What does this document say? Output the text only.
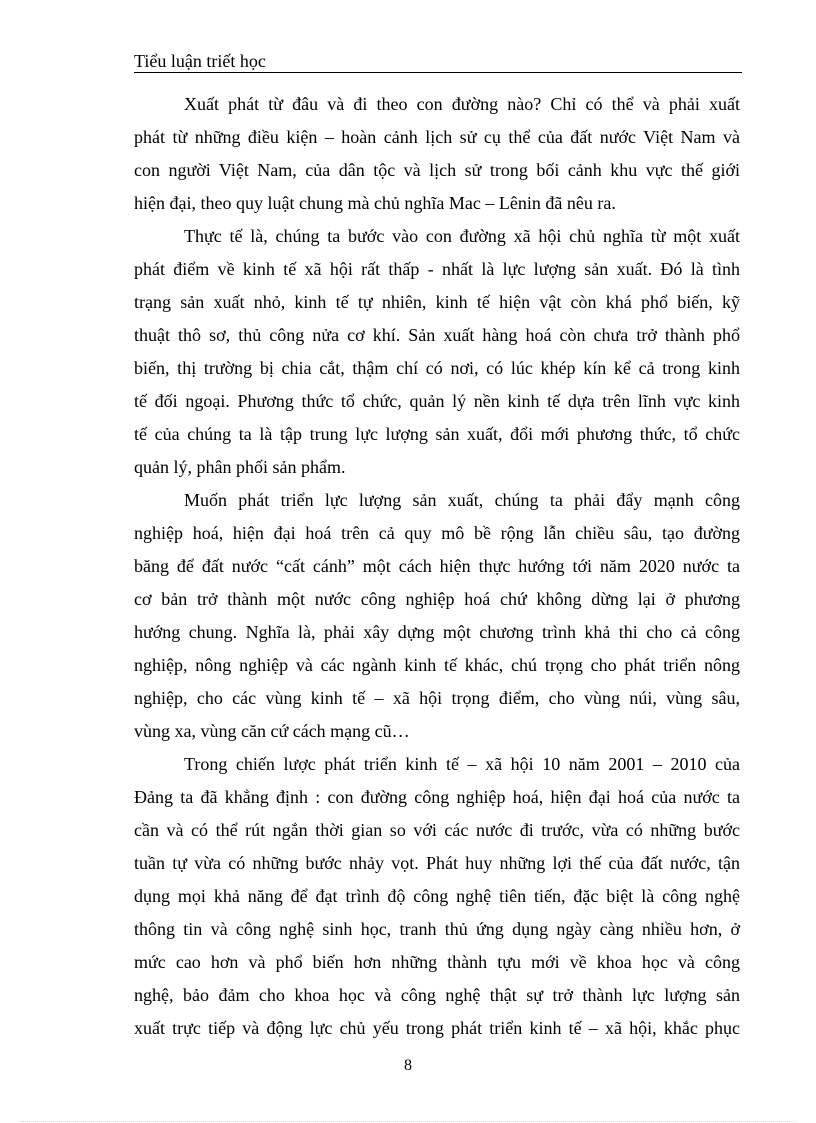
Tiểu luận triết học
Xuất phát từ đâu và đi theo con đường nào? Chỉ có thể và phải xuất
phát từ những điều kiện – hoàn cảnh lịch sử cụ thể của đất nước Việt Nam và
con người Việt Nam, của dân tộc và lịch sử trong bối cảnh khu vực thế giới
hiện đại, theo quy luật chung mà chủ nghĩa Mac – Lênin đã nêu ra.
Thực tế là, chúng ta bước vào con đường xã hội chủ nghĩa từ một xuất
phát điểm về kinh tế xã hội rất thấp - nhất là lực lượng sản xuất. Đó là tình
trạng sản xuất nhỏ, kinh tế tự nhiên, kinh tế hiện vật còn khá phổ biến, kỹ
thuật thô sơ, thủ công nửa cơ khí. Sản xuất hàng hoá còn chưa trở thành phổ
biến, thị trường bị chia cắt, thậm chí có nơi, có lúc khép kín kể cả trong kinh
tế đối ngoại. Phương thức tổ chức, quản lý nền kinh tế dựa trên lĩnh vực kinh
tế của chúng ta là tập trung lực lượng sản xuất, đổi mới phương thức, tổ chức
quản lý, phân phối sản phẩm.
Muốn phát triển lực lượng sản xuất, chúng ta phải đẩy mạnh công
nghiệp hoá, hiện đại hoá trên cả quy mô bề rộng lẫn chiều sâu, tạo đường
băng để đất nước “cất cánh” một cách hiện thực hướng tới năm 2020 nước ta
cơ bản trở thành một nước công nghiệp hoá chứ không dừng lại ở phương
hướng chung. Nghĩa là, phải xây dựng một chương trình khả thi cho cả công
nghiệp, nông nghiệp và các ngành kinh tế khác, chú trọng cho phát triển nông
nghiệp, cho các vùng kinh tế – xã hội trọng điểm, cho vùng núi, vùng sâu,
vùng xa, vùng căn cứ cách mạng cũ…
Trong chiến lược phát triển kinh tế – xã hội 10 năm 2001 – 2010 của
Đảng ta đã khẳng định : con đường công nghiệp hoá, hiện đại hoá của nước ta
cần và có thể rút ngắn thời gian so với các nước đi trước, vừa có những bước
tuần tự vừa có những bước nhảy vọt. Phát huy những lợi thế của đất nước, tận
dụng mọi khả năng để đạt trình độ công nghệ tiên tiến, đặc biệt là công nghệ
thông tin và công nghệ sinh học, tranh thủ ứng dụng ngày càng nhiều hơn, ở
mức cao hơn và phổ biến hơn những thành tựu mới về khoa học và công
nghệ, bảo đảm cho khoa học và công nghệ thật sự trở thành lực lượng sản
xuất trực tiếp và động lực chủ yếu trong phát triển kinh tế – xã hội, khắc phục
8
